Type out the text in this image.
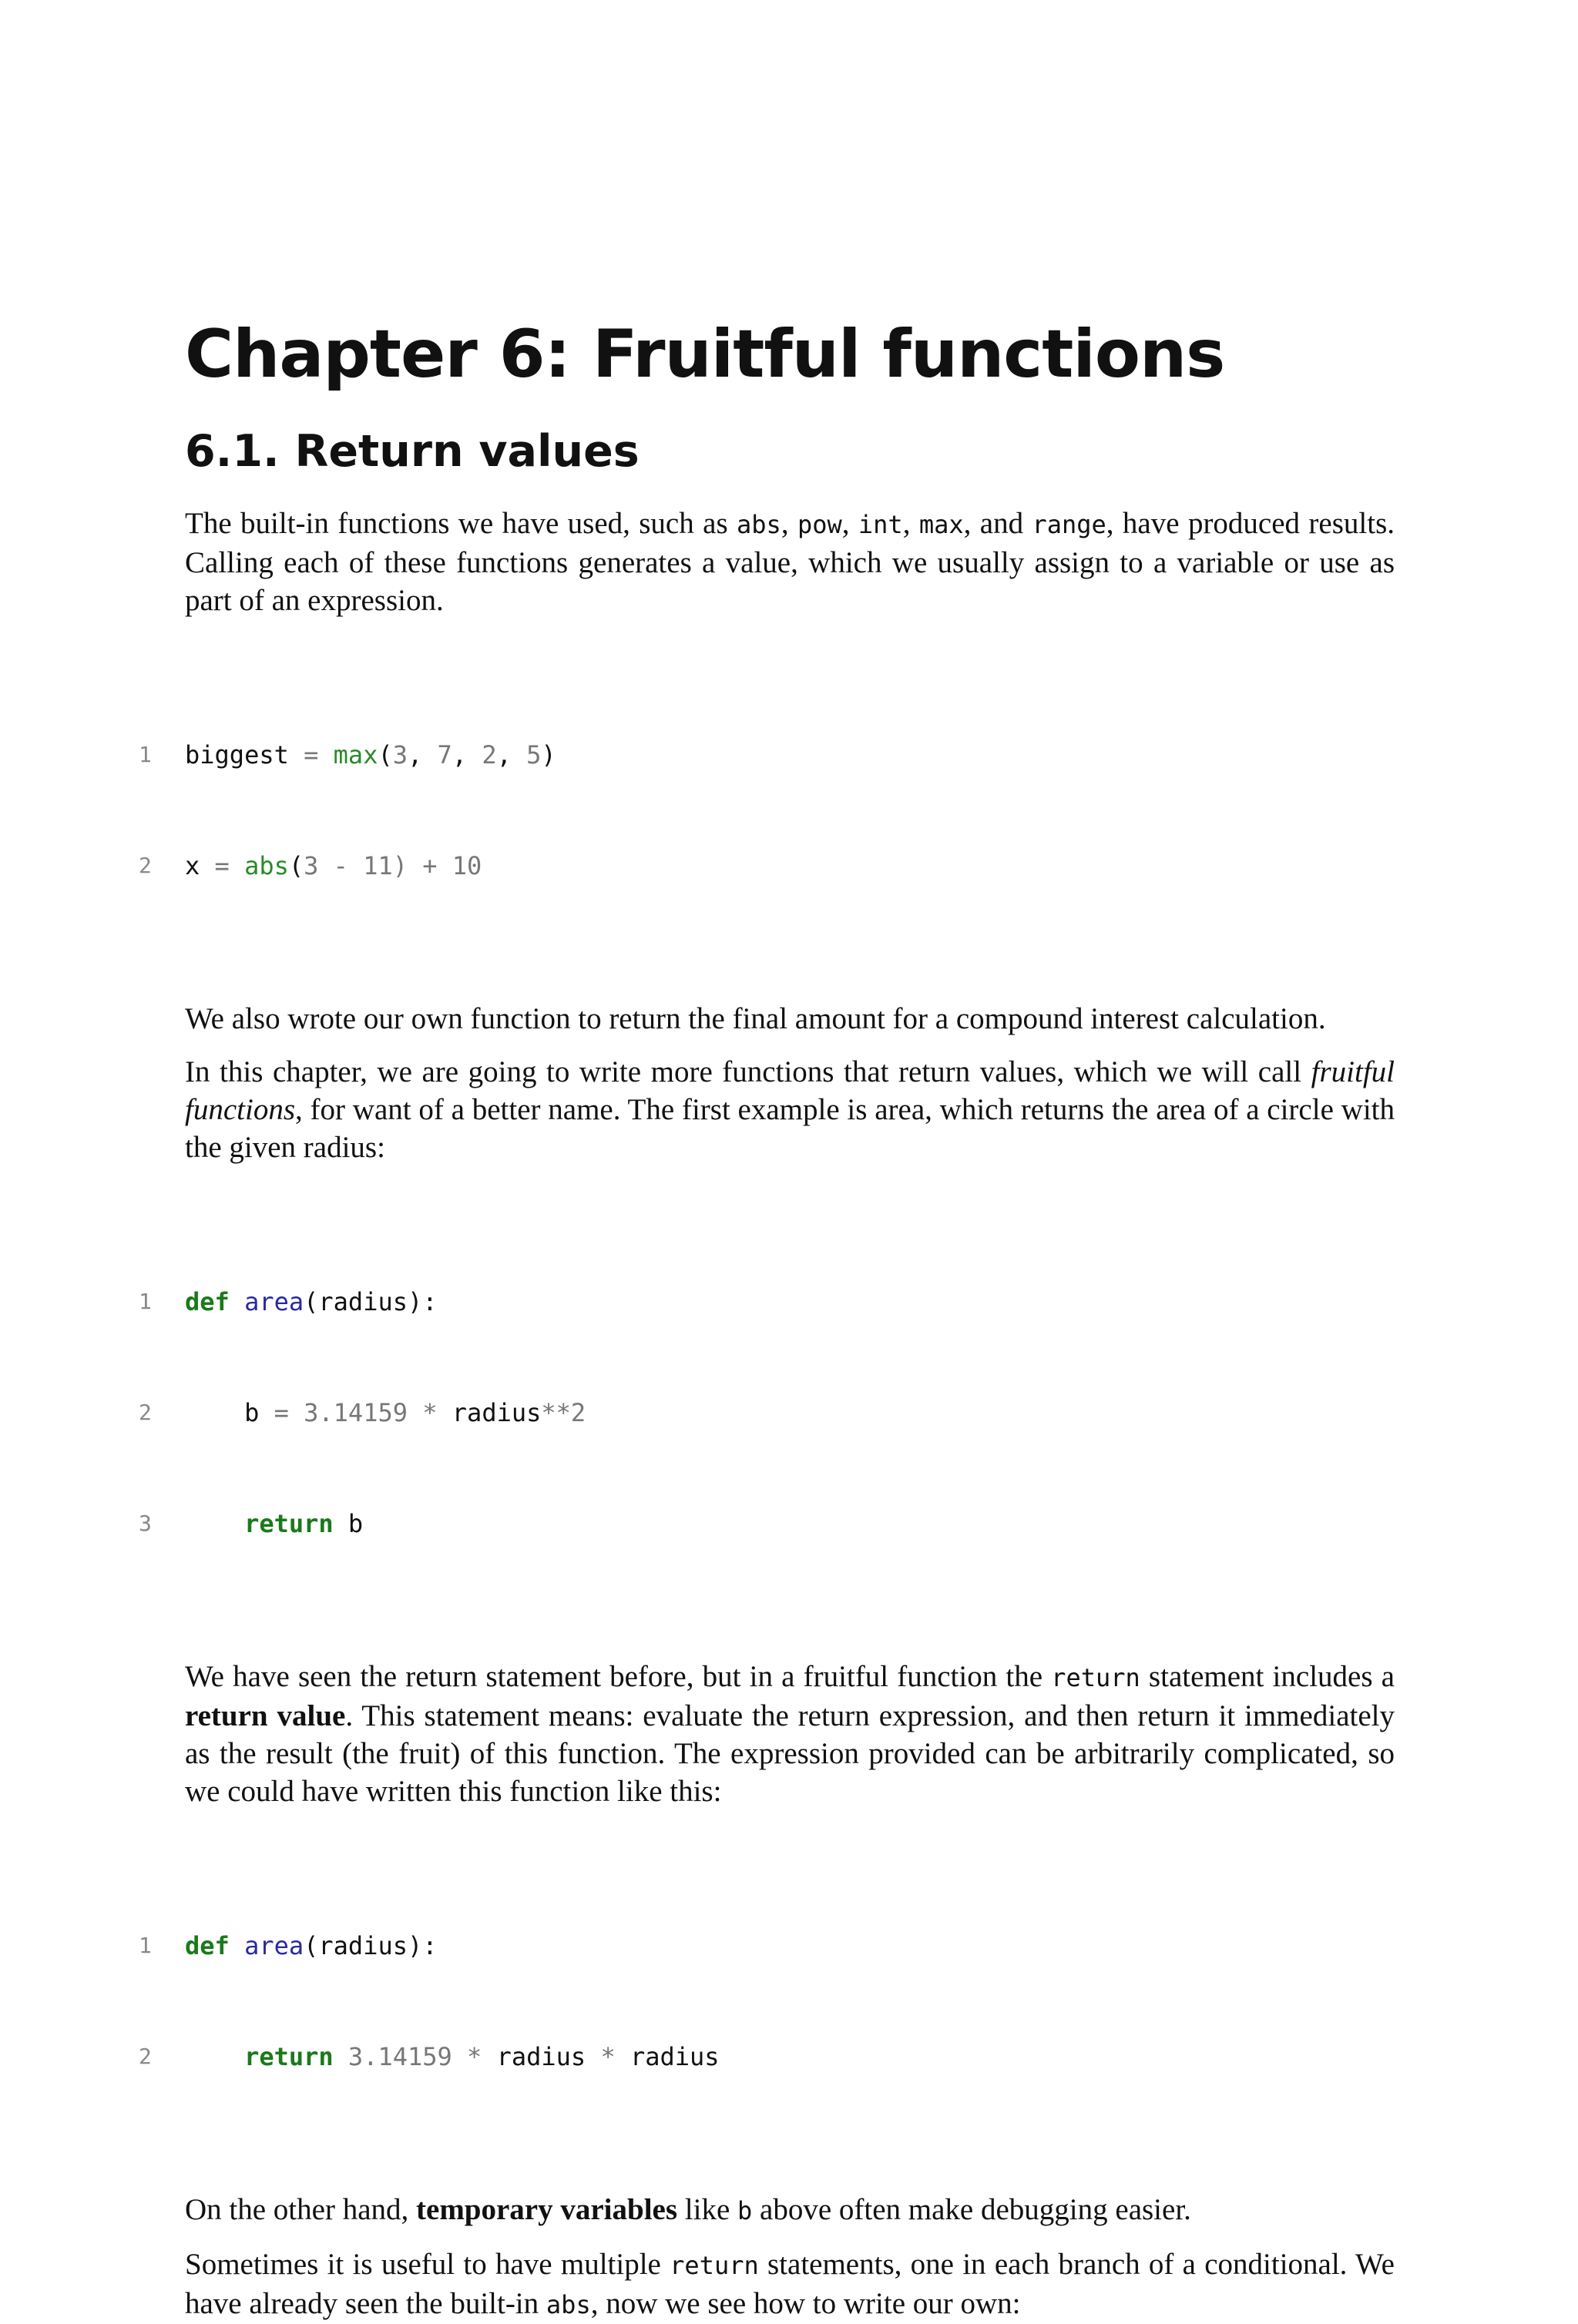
Chapter 6: Fruitful functions
6.1. Return values

The built-in functions we have used, such as abs, pow, int, max, and range, have produced results. Calling each of these functions generates a value, which we usually assign to a variable or use as part of an expression.

1	biggest = max(3, 7, 2, 5)

2	x = abs(3 - 11) + 10

We also wrote our own function to return the final amount for a compound interest calculation.

In this chapter, we are going to write more functions that return values, which we will call fruitful functions, for want of a better name. The first example is area, which returns the area of a circle with the given radius:

1	def area(radius):

2	b = 3.14159 * radius**2

3	return b

We have seen the return statement before, but in a fruitful function the return statement includes a return value. This statement means: evaluate the return expression, and then return it immediately as the result (the fruit) of this function. The expression provided can be arbitrarily complicated, so we could have written this function like this:

1	def area(radius):

2	return 3.14159 * radius * radius

On the other hand, temporary variables like b above often make debugging easier.

Sometimes it is useful to have multiple return statements, one in each branch of a conditional. We have already seen the built-in abs, now we see how to write our own:
